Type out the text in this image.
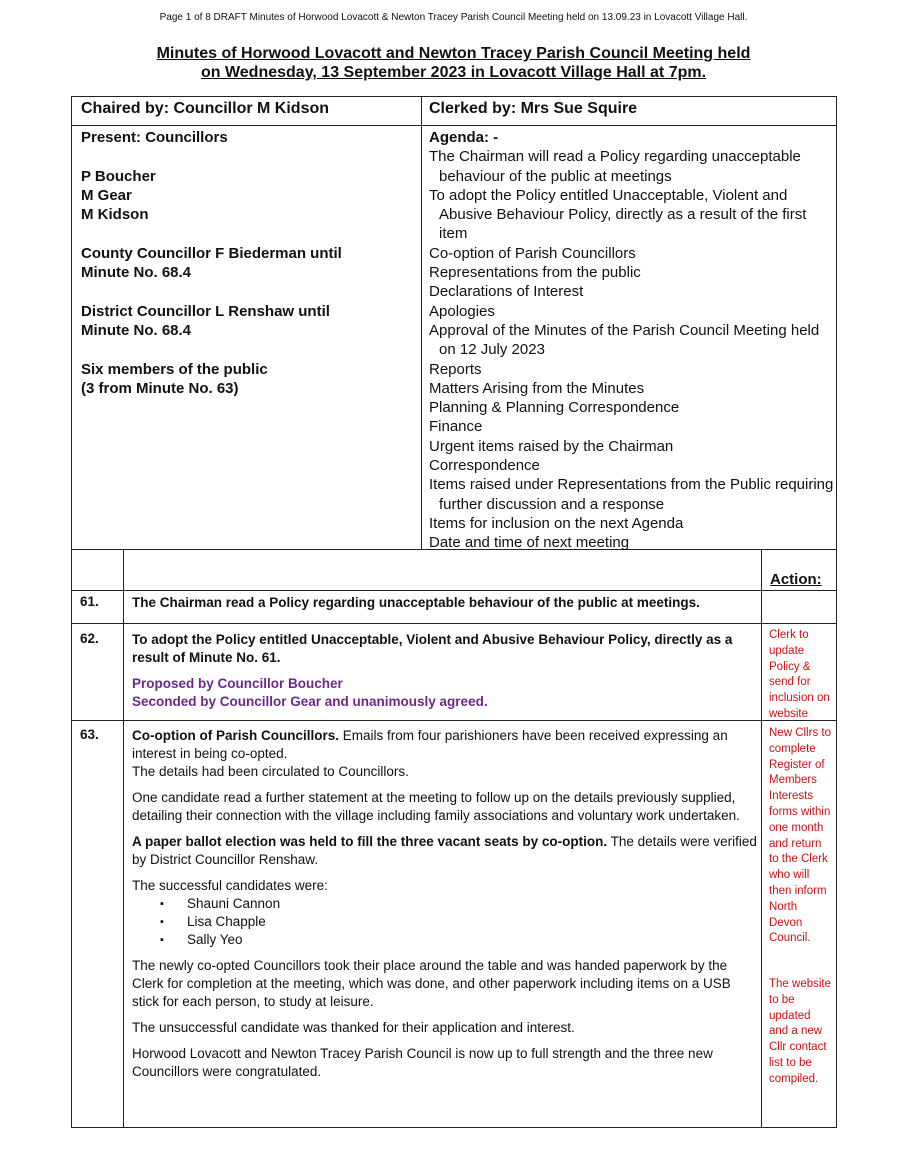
Page 1 of 8 DRAFT Minutes of Horwood Lovacott & Newton Tracey Parish Council Meeting held on 13.09.23 in Lovacott Village Hall.
Minutes of Horwood Lovacott and Newton Tracey Parish Council Meeting held
on Wednesday, 13 September 2023 in Lovacott Village Hall at 7pm.
Chaired by: Councillor M Kidson	Clerked by: Mrs Sue Squire
Present: Councillors
P Boucher
M Gear
M Kidson
County Councillor F Biederman until
Minute No. 68.4
District Councillor L Renshaw until
Minute No. 68.4
Six members of the public
(3 from Minute No. 63)
Agenda: -
The Chairman will read a Policy regarding unacceptable behaviour of the public at meetings
To adopt the Policy entitled Unacceptable, Violent and Abusive Behaviour Policy, directly as a result of the first item
Co-option of Parish Councillors
Representations from the public
Declarations of Interest
Apologies
Approval of the Minutes of the Parish Council Meeting held on 12 July 2023
Reports
Matters Arising from the Minutes
Planning & Planning Correspondence
Finance
Urgent items raised by the Chairman
Correspondence
Items raised under Representations from the Public requiring further discussion and a response
Items for inclusion on the next Agenda
Date and time of next meeting
Action:
61. The Chairman read a Policy regarding unacceptable behaviour of the public at meetings.
62. To adopt the Policy entitled Unacceptable, Violent and Abusive Behaviour Policy, directly as a result of Minute No. 61.
Proposed by Councillor Boucher
Seconded by Councillor Gear and unanimously agreed.
Clerk to update Policy & send for inclusion on website
63. Co-option of Parish Councillors. Emails from four parishioners have been received expressing an interest in being co-opted.
The details had been circulated to Councillors.
One candidate read a further statement at the meeting to follow up on the details previously supplied, detailing their connection with the village including family associations and voluntary work undertaken.
A paper ballot election was held to fill the three vacant seats by co-option. The details were verified by District Councillor Renshaw.
The successful candidates were:
▪ Shauni Cannon
▪ Lisa Chapple
▪ Sally Yeo
The newly co-opted Councillors took their place around the table and was handed paperwork by the Clerk for completion at the meeting, which was done, and other paperwork including items on a USB stick for each person, to study at leisure.
The unsuccessful candidate was thanked for their application and interest.
Horwood Lovacott and Newton Tracey Parish Council is now up to full strength and the three new Councillors were congratulated.
New Cllrs to complete Register of Members Interests forms within one month and return to the Clerk who will then inform North Devon Council.
The website to be updated and a new Cllr contact list to be compiled.
